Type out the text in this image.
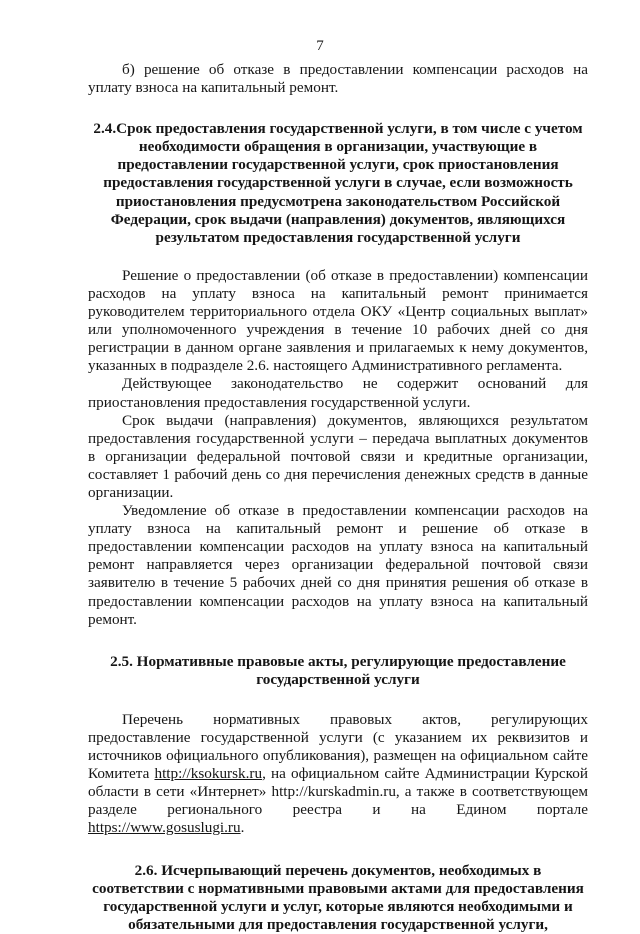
7

б) решение об отказе в предоставлении компенсации расходов на уплату взноса на капитальный ремонт.

2.4.Срок предоставления государственной услуги, в том числе с учетом необходимости обращения в организации, участвующие в предоставлении государственной услуги, срок приостановления предоставления государственной услуги в случае, если возможность приостановления предусмотрена законодательством Российской Федерации, срок выдачи (направления) документов, являющихся результатом предоставления государственной услуги

Решение о предоставлении (об отказе в предоставлении) компенсации расходов на уплату взноса на капитальный ремонт принимается руководителем территориального отдела ОКУ «Центр социальных выплат» или уполномоченного учреждения в течение 10 рабочих дней со дня регистрации в данном органе заявления и прилагаемых к нему документов, указанных в подразделе 2.6. настоящего Административного регламента.

Действующее законодательство не содержит оснований для приостановления предоставления государственной услуги.

Срок выдачи (направления) документов, являющихся результатом предоставления государственной услуги – передача выплатных документов в организации федеральной почтовой связи и кредитные организации, составляет 1 рабочий день со дня перечисления денежных средств в данные организации.

Уведомление об отказе в предоставлении компенсации расходов на уплату взноса на капитальный ремонт и решение об отказе в предоставлении компенсации расходов на уплату взноса на капитальный ремонт направляется через организации федеральной почтовой связи заявителю в течение 5 рабочих дней со дня принятия решения об отказе в предоставлении компенсации расходов на уплату взноса на капитальный ремонт.

2.5. Нормативные правовые акты, регулирующие предоставление государственной услуги

Перечень нормативных правовых актов, регулирующих предоставление государственной услуги (с указанием их реквизитов и источников официального опубликования), размещен на официальном сайте Комитета http://ksokursk.ru, на официальном сайте Администрации Курской области в сети «Интернет» http://kurskadmin.ru, а также в соответствующем разделе регионального реестра и на Едином портале https://www.gosuslugi.ru.

2.6. Исчерпывающий перечень документов, необходимых в соответствии с нормативными правовыми актами для предоставления государственной услуги и услуг, которые являются необходимыми и обязательными для предоставления государственной услуги,
